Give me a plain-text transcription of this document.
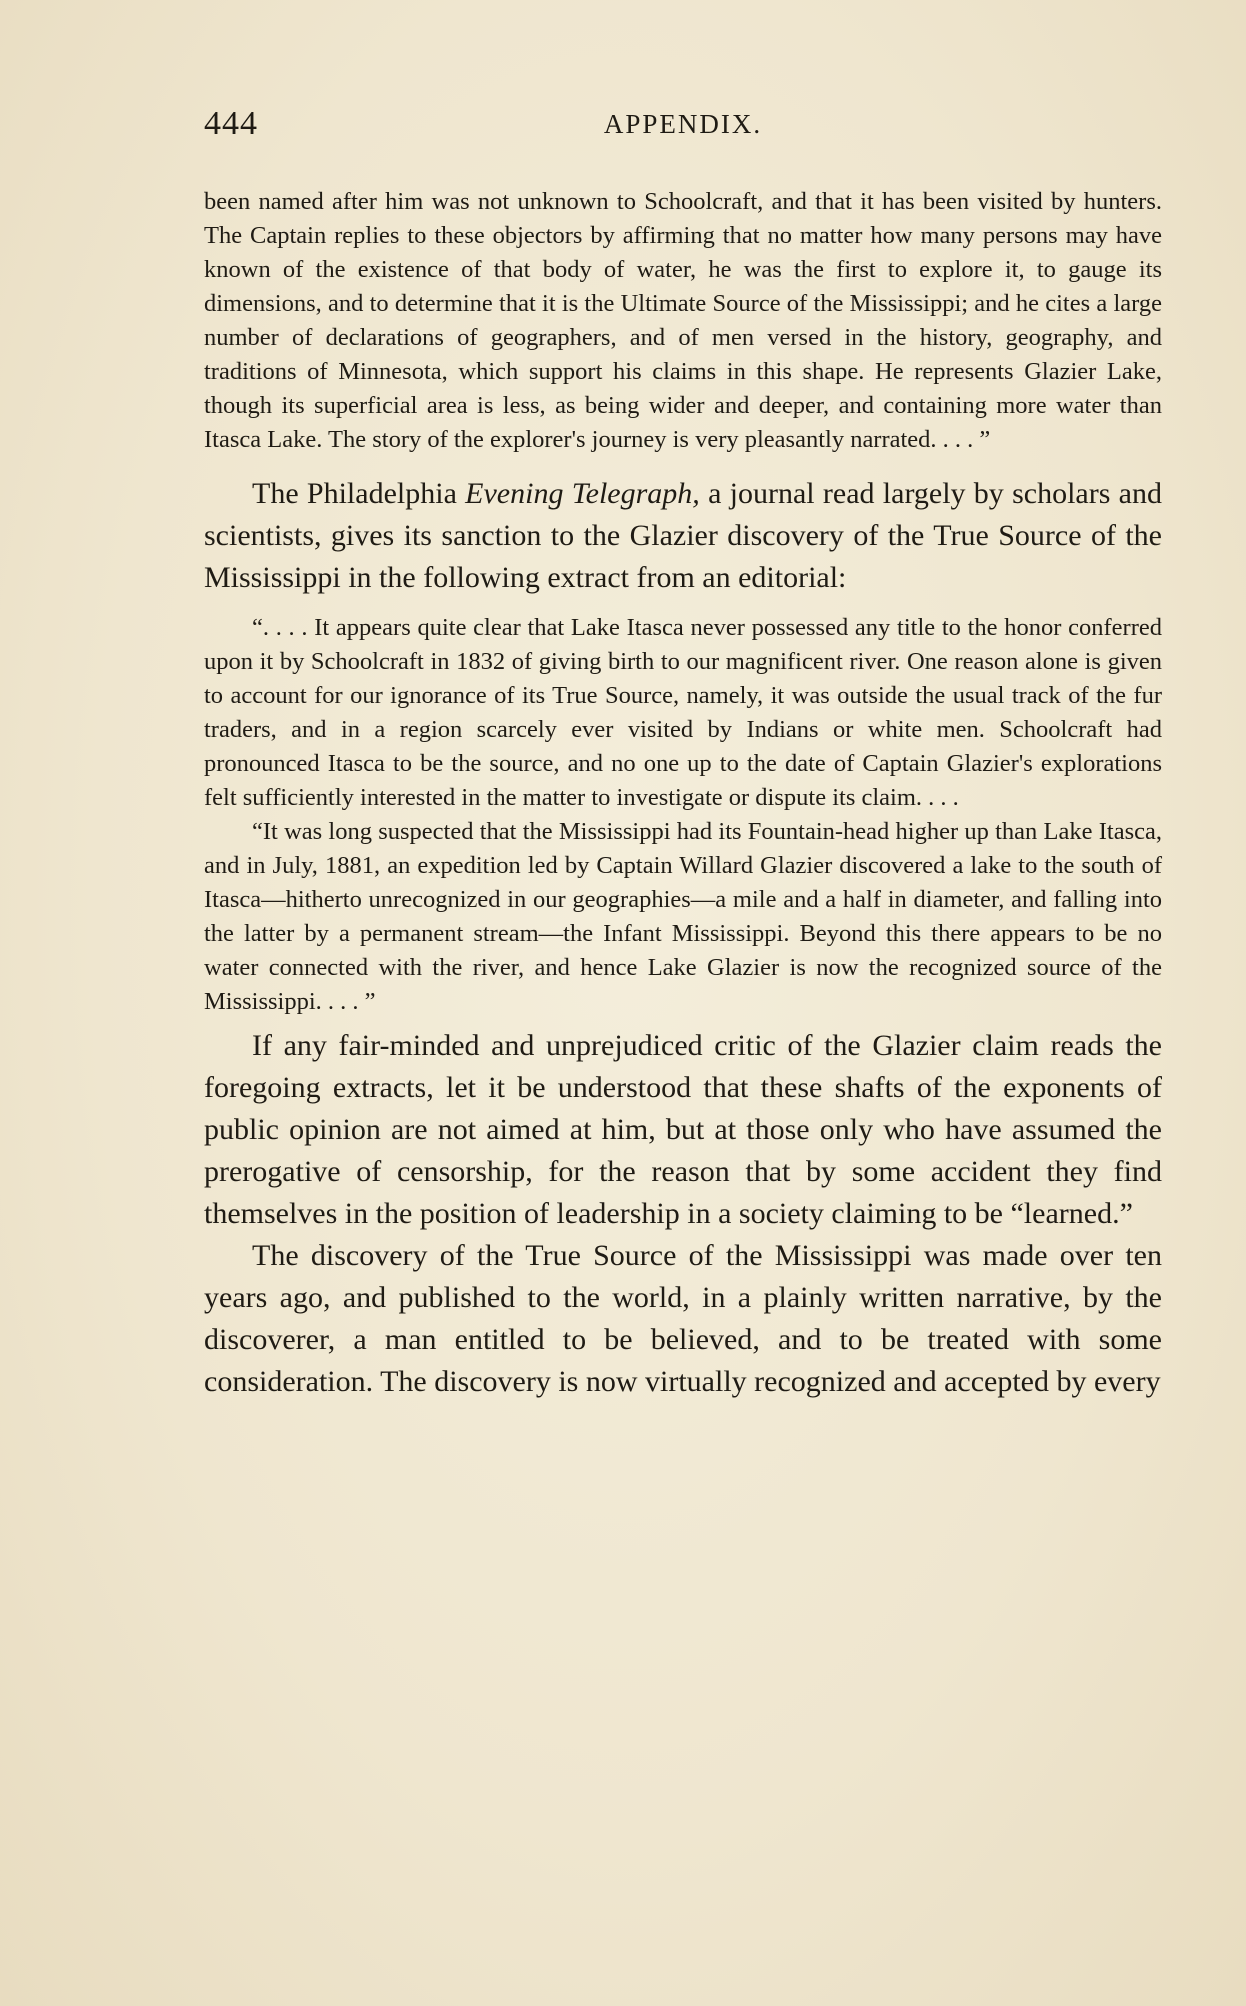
444	APPENDIX.

been named after him was not unknown to Schoolcraft, and that it has been visited by hunters. The Captain replies to these objectors by affirming that no matter how many persons may have known of the existence of that body of water, he was the first to explore it, to gauge its dimensions, and to determine that it is the Ultimate Source of the Mississippi; and he cites a large number of declarations of geographers, and of men versed in the history, geography, and traditions of Minnesota, which support his claims in this shape. He represents Glazier Lake, though its superficial area is less, as being wider and deeper, and containing more water than Itasca Lake. The story of the explorer's journey is very pleasantly narrated. . . . ”

The Philadelphia Evening Telegraph, a journal read largely by scholars and scientists, gives its sanction to the Glazier discovery of the True Source of the Mississippi in the following extract from an editorial:

“. . . . It appears quite clear that Lake Itasca never possessed any title to the honor conferred upon it by Schoolcraft in 1832 of giving birth to our magnificent river. One reason alone is given to account for our ignorance of its True Source, namely, it was outside the usual track of the fur traders, and in a region scarcely ever visited by Indians or white men. Schoolcraft had pronounced Itasca to be the source, and no one up to the date of Captain Glazier's explorations felt sufficiently interested in the matter to investigate or dispute its claim. . . .

“It was long suspected that the Mississippi had its Fountain-head higher up than Lake Itasca, and in July, 1881, an expedition led by Captain Willard Glazier discovered a lake to the south of Itasca—hitherto unrecognized in our geographies—a mile and a half in diameter, and falling into the latter by a permanent stream—the Infant Mississippi. Beyond this there appears to be no water connected with the river, and hence Lake Glazier is now the recognized source of the Mississippi. . . . ”

If any fair-minded and unprejudiced critic of the Glazier claim reads the foregoing extracts, let it be understood that these shafts of the exponents of public opinion are not aimed at him, but at those only who have assumed the prerogative of censorship, for the reason that by some accident they find themselves in the position of leadership in a society claiming to be “learned.”

The discovery of the True Source of the Mississippi was made over ten years ago, and published to the world, in a plainly written narrative, by the discoverer, a man entitled to be believed, and to be treated with some consideration. The discovery is now virtually recognized and accepted by every
